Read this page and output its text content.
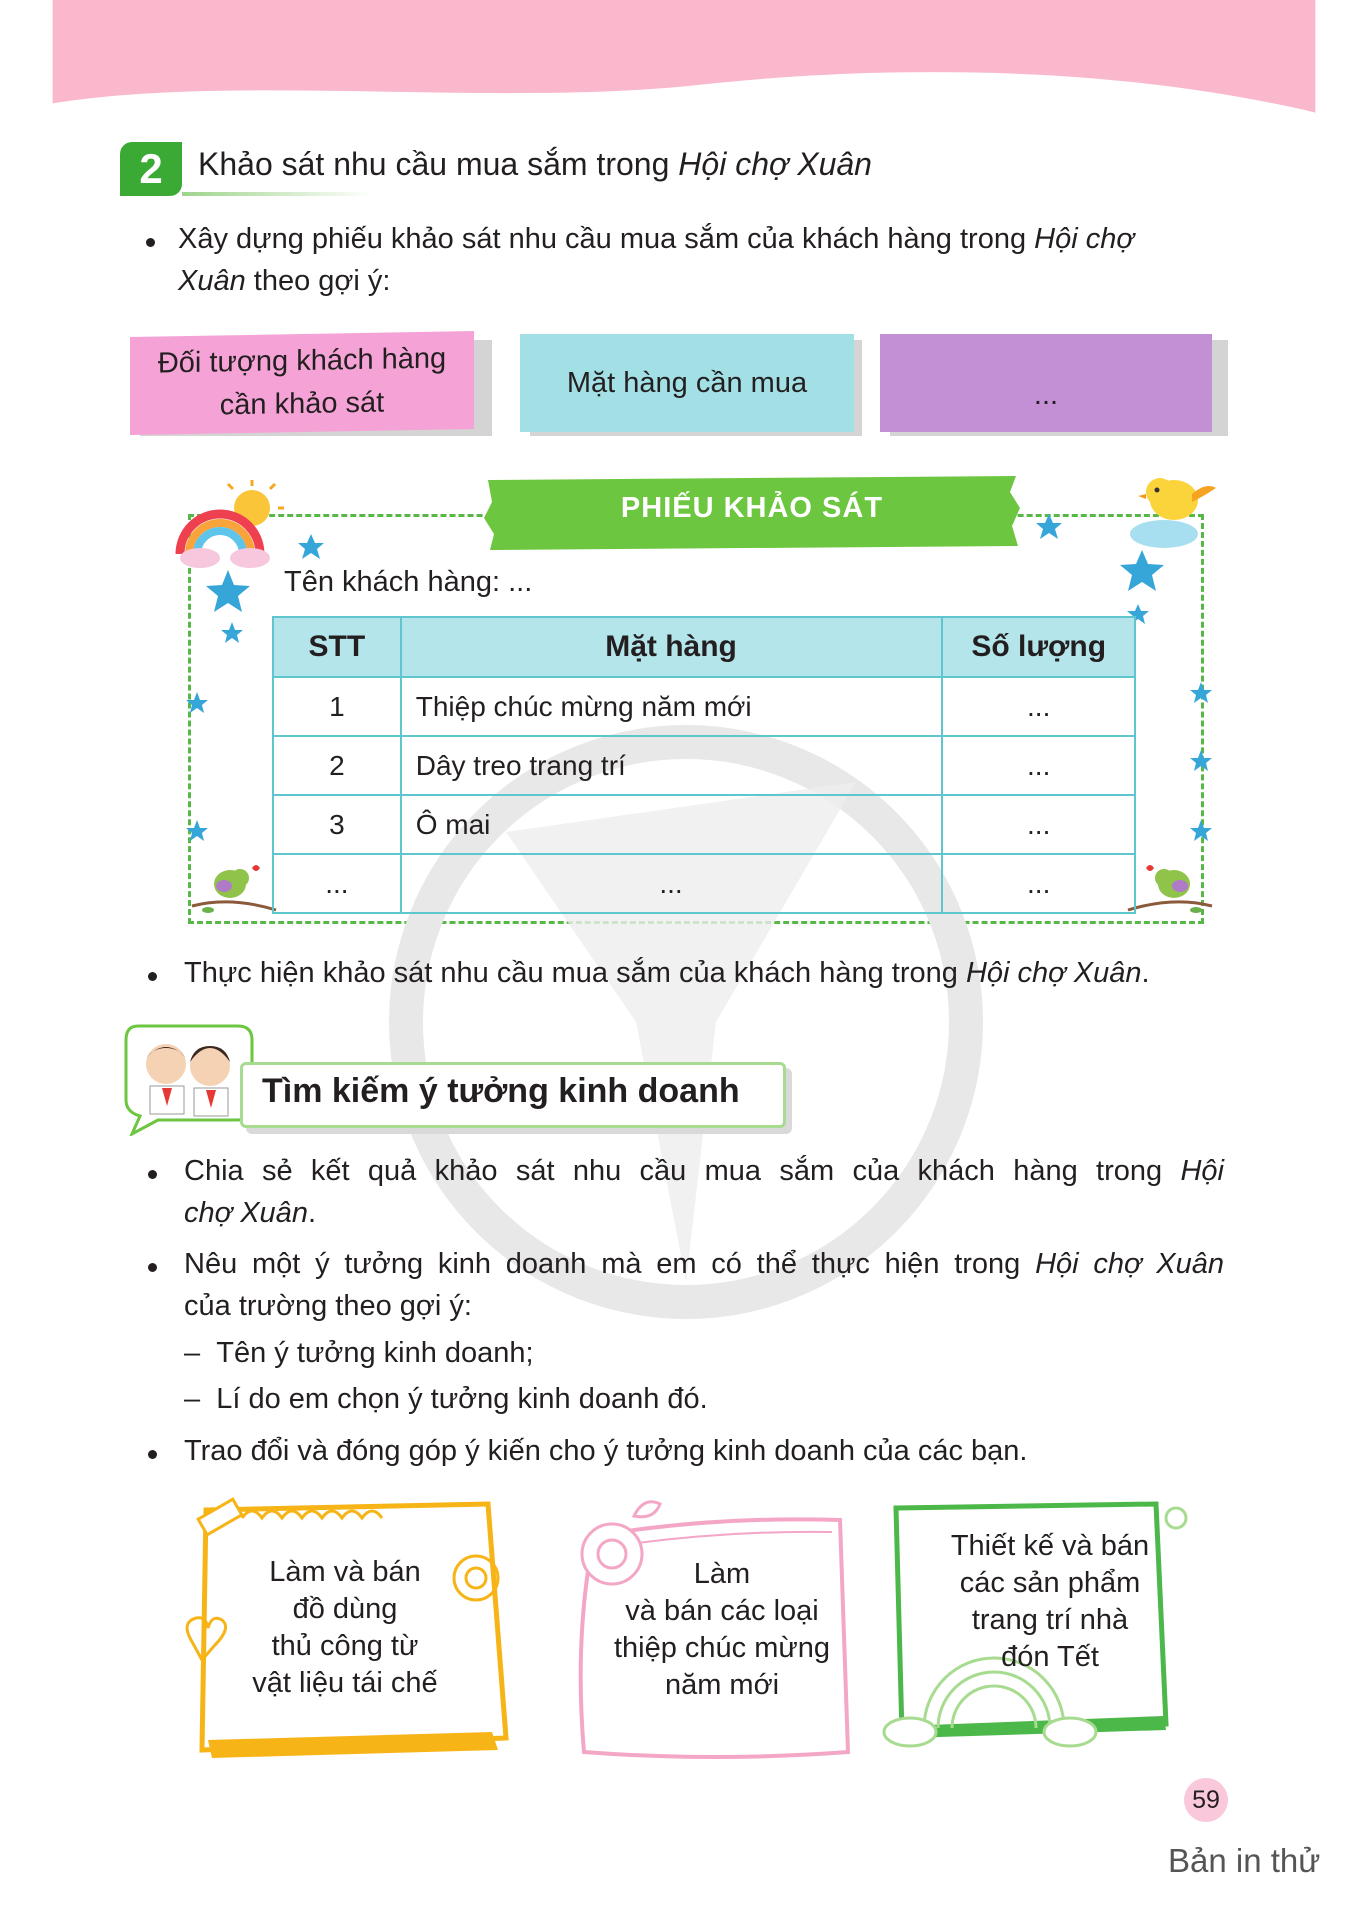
2 Khảo sát nhu cầu mua sắm trong Hội chợ Xuân
Xây dựng phiếu khảo sát nhu cầu mua sắm của khách hàng trong Hội chợ
Xuân theo gợi ý:
Đối tượng khách hàng
cần khảo sát
Mặt hàng cần mua	...
PHIẾU KHẢO SÁT
Tên khách hàng: ...
STT	Mặt hàng	Số lượng
1	Thiệp chúc mừng năm mới	...
2	Dây treo trang trí	...
3	Ô mai	...
...	...	...
Thực hiện khảo sát nhu cầu mua sắm của khách hàng trong Hội chợ Xuân.
Tìm kiếm ý tưởng kinh doanh
Chia sẻ kết quả khảo sát nhu cầu mua sắm của khách hàng trong Hội
chợ Xuân.
Nêu một ý tưởng kinh doanh mà em có thể thực hiện trong Hội chợ Xuân
của trường theo gợi ý:
–  Tên ý tưởng kinh doanh;
–  Lí do em chọn ý tưởng kinh doanh đó.
Trao đổi và đóng góp ý kiến cho ý tưởng kinh doanh của các bạn.
Làm và bán
đồ dùng
thủ công từ
vật liệu tái chế
Làm
và bán các loại
thiệp chúc mừng
năm mới
Thiết kế và bán
các sản phẩm
trang trí nhà
đón Tết
59
Bản in thử
